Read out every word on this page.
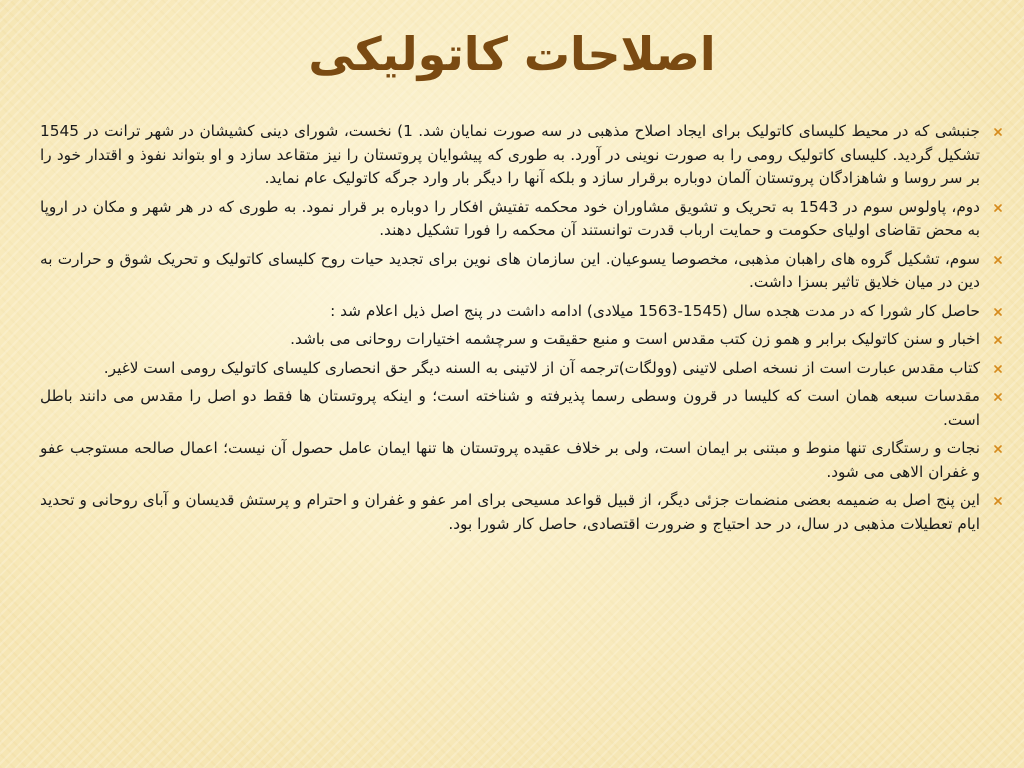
اصلاحات کاتولیکی
جنبشی که در محیط کلیسای کاتولیک برای ایجاد اصلاح مذهبی در سه صورت نمایان شد. 1) نخست، شورای دینی کشیشان در شهر ترانت در 1545 تشکیل گردید. کلیسای کاتولیک رومی را به صورت نوینی در آورد. به طوری که پیشوایان پروتستان را نیز متقاعد سازد و او بتواند نفوذ و اقتدار خود را بر سر روسا و شاهزادگان پروتستان آلمان دوباره برقرار سازد و بلکه آنها را دیگر بار وارد جرگه کاتولیک عام نماید.
دوم، پاولوس سوم در 1543 به تحریک و تشویق مشاوران خود محکمه تفتیش افکار را دوباره بر قرار نمود. به طوری که در هر شهر و مکان در اروپا به محض تقاضای اولیای حکومت و حمایت ارباب قدرت توانستند آن محکمه را فورا تشکیل دهند.
سوم، تشکیل گروه های راهبان مذهبی، مخصوصا یسوعیان. این سازمان های نوین برای تجدید حیات روح کلیسای کاتولیک و تحریک شوق و حرارت به دین در میان خلایق تاثیر بسزا داشت.
حاصل کار شورا که در مدت هجده سال (1545-1563 میلادی) ادامه داشت در پنج اصل ذیل اعلام شد :
اخبار و سنن کاتولیک برابر و همو زن کتب مقدس است و منبع حقیقت و سرچشمه اختیارات روحانی می باشد.
کتاب مقدس عبارت است از نسخه اصلی لاتینی (وولگات)ترجمه آن از لاتینی به السنه دیگر حق انحصاری کلیسای کاتولیک رومی است لاغیر.
مقدسات سبعه همان است که کلیسا در قرون وسطی رسما پذیرفته و شناخته است؛ و اینکه پروتستان ها فقط دو اصل را مقدس می دانند باطل است.
نجات و رستگاری تنها منوط و مبتنی بر ایمان است، ولی بر خلاف عقیده پروتستان ها تنها ایمان عامل حصول آن نیست؛ اعمال صالحه مستوجب عفو و غفران الاهی می شود.
این پنج اصل به ضمیمه بعضی منضمات جزئی دیگر، از قبیل قواعد مسیحی برای امر عفو و غفران و احترام و پرستش قدیسان و آبای روحانی و تحدید ایام تعطیلات مذهبی در سال، در حد احتیاج و ضرورت اقتصادی، حاصل کار شورا بود.
